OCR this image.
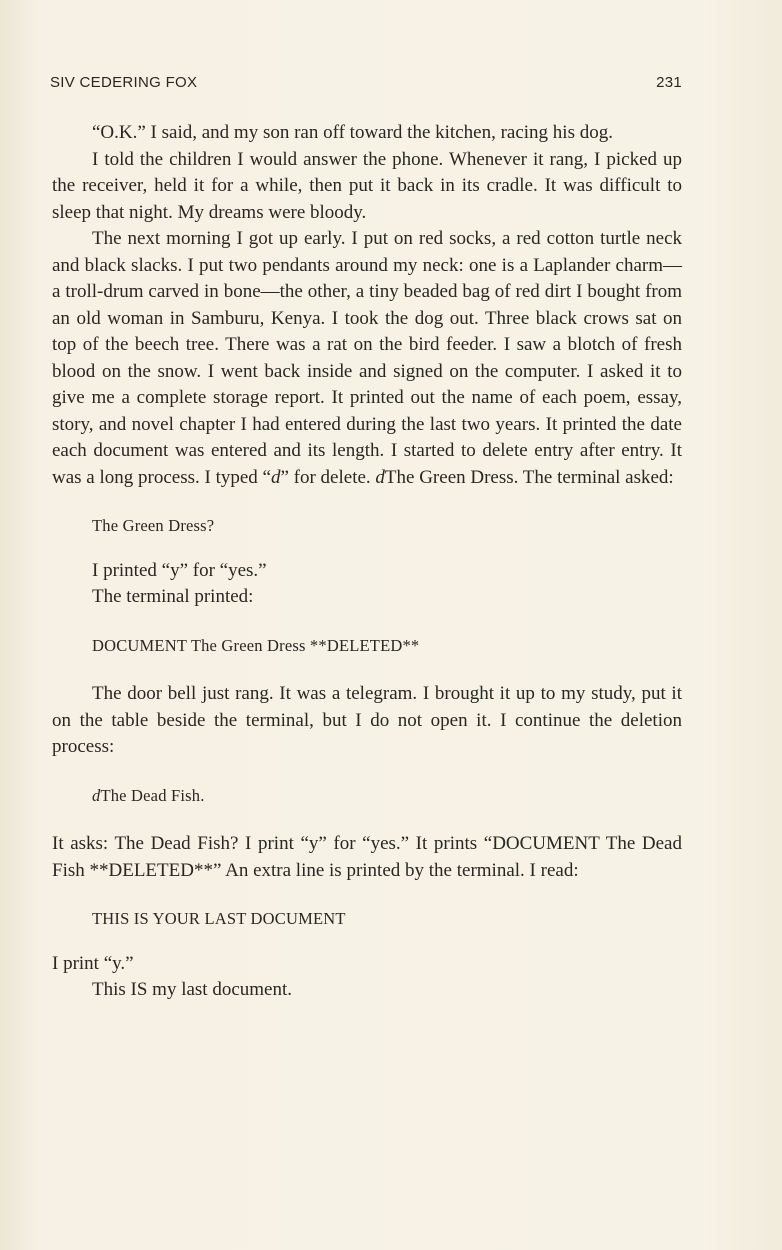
SIV CEDERING FOX	231

“O.K.” I said, and my son ran off toward the kitchen, racing his dog.

I told the children I would answer the phone. Whenever it rang, I picked up the receiver, held it for a while, then put it back in its cradle. It was difficult to sleep that night. My dreams were bloody.

The next morning I got up early. I put on red socks, a red cotton turtle neck and black slacks. I put two pendants around my neck: one is a Laplander charm—a troll-drum carved in bone—the other, a tiny beaded bag of red dirt I bought from an old woman in Samburu, Kenya. I took the dog out. Three black crows sat on top of the beech tree. There was a rat on the bird feeder. I saw a blotch of fresh blood on the snow. I went back inside and signed on the computer. I asked it to give me a complete storage report. It printed out the name of each poem, essay, story, and novel chapter I had entered during the last two years. It printed the date each document was entered and its length. I started to delete entry after entry. It was a long process. I typed “d” for delete. dThe Green Dress. The terminal asked:

The Green Dress?

I printed “y” for “yes.”

The terminal printed:

DOCUMENT The Green Dress **DELETED**

The door bell just rang. It was a telegram. I brought it up to my study, put it on the table beside the terminal, but I do not open it. I continue the deletion process:

dThe Dead Fish.

It asks: The Dead Fish? I print “y” for “yes.” It prints “DOCUMENT The Dead Fish **DELETED**” An extra line is printed by the terminal. I read:

THIS IS YOUR LAST DOCUMENT

I print “y.”

This IS my last document.
